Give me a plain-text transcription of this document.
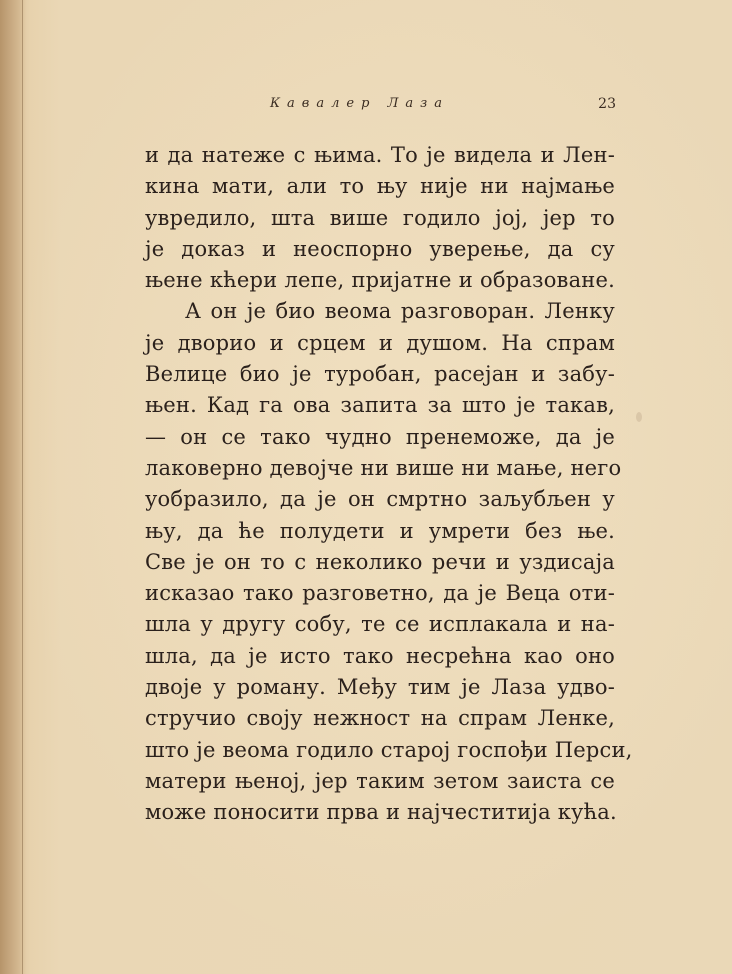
Кавалер Лаза	23
и да натеже с њима. То је видела и Лен-
кина мати, али то њу није ни најмање
увредило, шта више годило јој, јер то
је доказ и неоспорно уверење, да су
њене кћери лепе, пријатне и образоване.
А он је био веома разговоран. Ленку
је дворио и срцем и душом. На спрам
Велице био је туробан, расејан и забу-
њен. Кад га ова запита за што је такав,
— он се тако чудно пренеможе, да је
лаковерно девојче ни више ни мање, него
уобразило, да је он смртно заљубљен у
њу, да ће полудети и умрети без ње.
Све је он то с неколико речи и уздисаја
исказао тако разговетно, да је Веца оти-
шла у другу собу, те се исплакала и на-
шла, да је исто тако несрећна као оно
двоје у роману. Међу тим је Лаза удво-
стручио своју нежност на спрам Ленке,
што је веома годило старој госпођи Перси,
матери њеној, јер таким зетом заиста се
може поносити прва и најчеститија кућа.
